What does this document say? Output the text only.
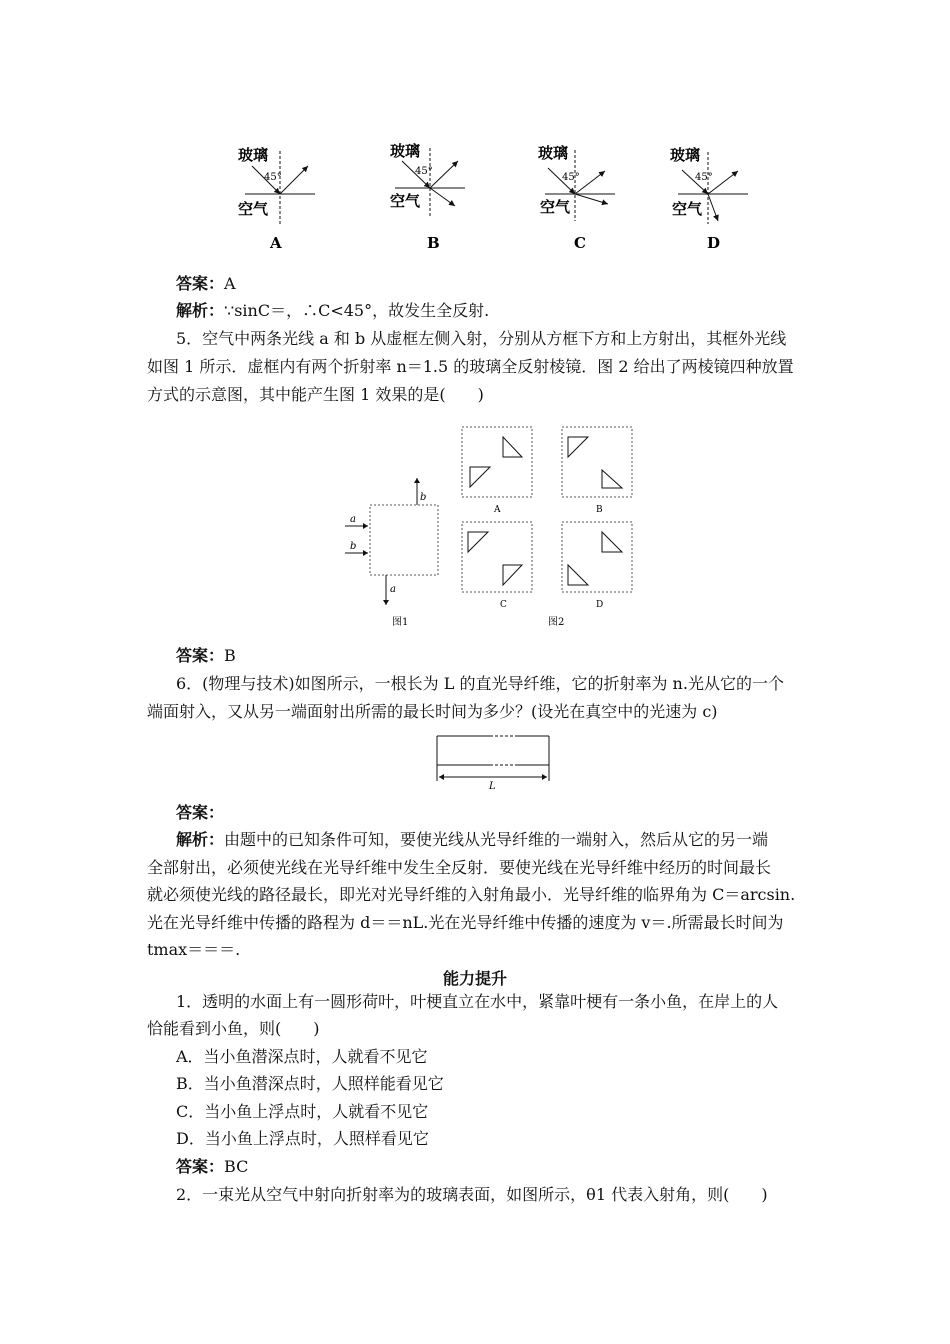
玻璃
空气
45°
A
玻璃
空气
45°
B
玻璃
空气
45°
C
玻璃
空气
45°
D
答案：A
解析：∵sinC＝，∴C<45°，故发生全反射.
5．空气中两条光线 a 和 b 从虚框左侧入射，分别从方框下方和上方射出，其框外光线
如图 1 所示．虚框内有两个折射率 n＝1.5 的玻璃全反射棱镜．图 2 给出了两棱镜四种放置
方式的示意图，其中能产生图 1 效果的是(　　)
a
b
b
a
图1
A	B
C	D
图2
答案：B
6．(物理与技术)如图所示，一根长为 L 的直光导纤维，它的折射率为 n.光从它的一个
端面射入，又从另一端面射出所需的最长时间为多少？(设光在真空中的光速为 c)
L
答案：
解析：由题中的已知条件可知，要使光线从光导纤维的一端射入，然后从它的另一端
全部射出，必须使光线在光导纤维中发生全反射．要使光线在光导纤维中经历的时间最长
就必须使光线的路径最长，即光对光导纤维的入射角最小．光导纤维的临界角为 C＝arcsin.
光在光导纤维中传播的路程为 d＝＝nL.光在光导纤维中传播的速度为 v＝.所需最长时间为
tmax＝＝＝.
能力提升
1．透明的水面上有一圆形荷叶，叶梗直立在水中，紧靠叶梗有一条小鱼，在岸上的人
恰能看到小鱼，则(　　)
A．当小鱼潜深点时，人就看不见它
B．当小鱼潜深点时，人照样能看见它
C．当小鱼上浮点时，人就看不见它
D．当小鱼上浮点时，人照样看见它
答案：BC
2．一束光从空气中射向折射率为的玻璃表面，如图所示，θ1 代表入射角，则(　　)
